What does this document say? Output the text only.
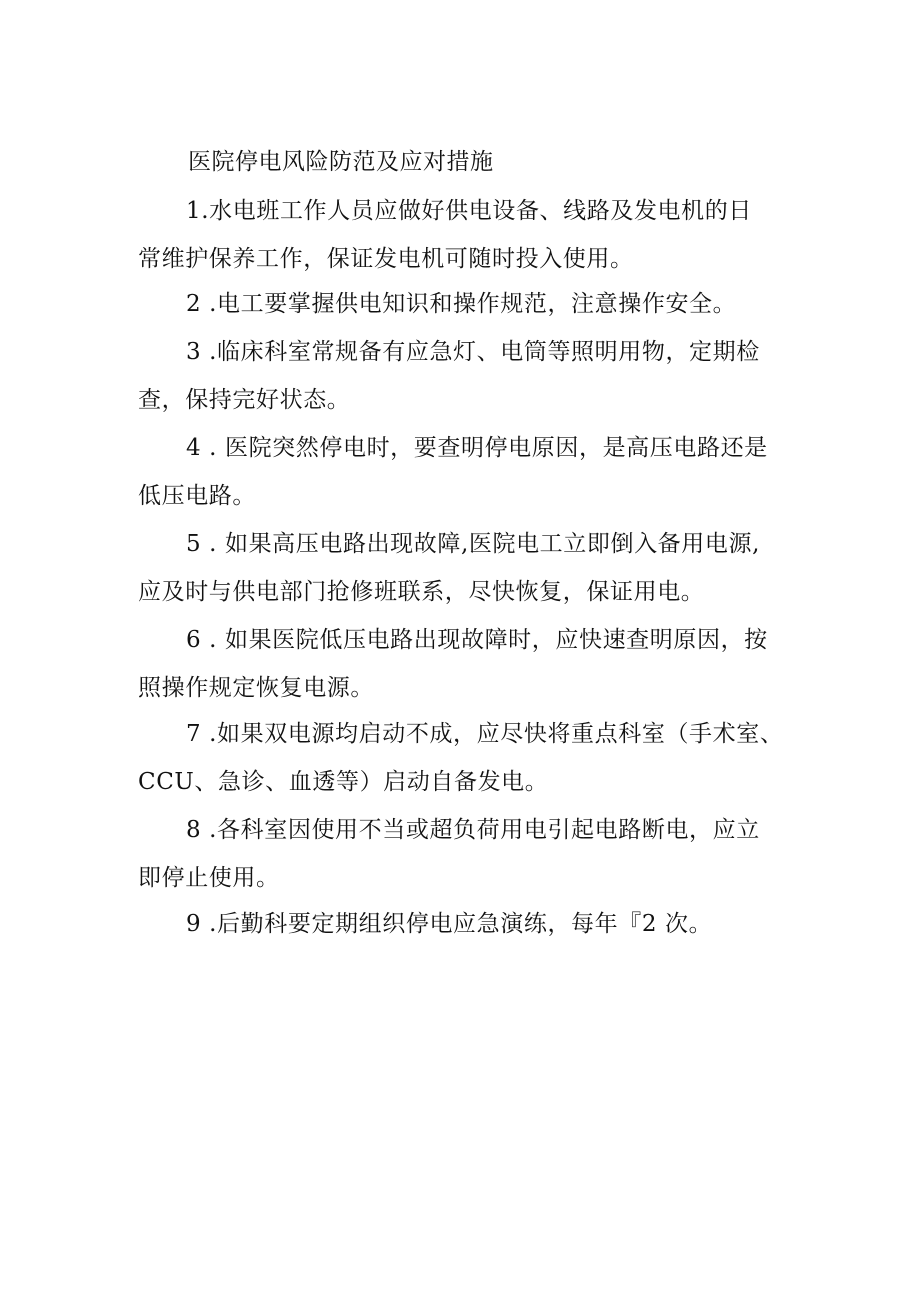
医院停电风险防范及应对措施
1.水电班工作人员应做好供电设备、线路及发电机的日
常维护保养工作，保证发电机可随时投入使用。
2 .电工要掌握供电知识和操作规范，注意操作安全。
3 .临床科室常规备有应急灯、电筒等照明用物，定期检
查，保持完好状态。
4 . 医院突然停电时，要查明停电原因，是高压电路还是
低压电路。
5 . 如果高压电路出现故障,医院电工立即倒入备用电源,
应及时与供电部门抢修班联系，尽快恢复，保证用电。
6 . 如果医院低压电路出现故障时，应快速查明原因，按
照操作规定恢复电源。
7 .如果双电源均启动不成，应尽快将重点科室（手术室、
CCU、急诊、血透等）启动自备发电。
8 .各科室因使用不当或超负荷用电引起电路断电，应立
即停止使用。
9 .后勤科要定期组织停电应急演练，每年『2 次。
